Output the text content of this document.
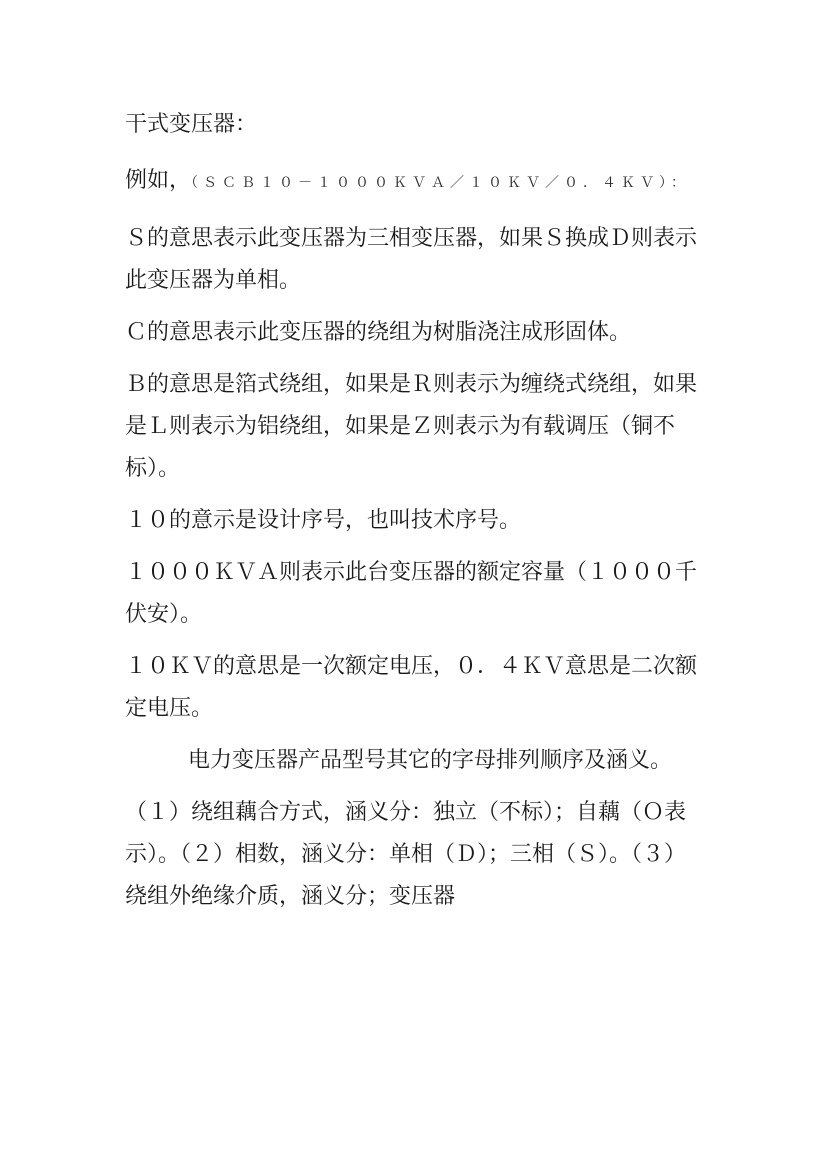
干式变压器：

例如，（ＳＣＢ１０－１０００ＫＶＡ／１０ＫＶ／０．４ＫＶ）：

Ｓ的意思表示此变压器为三相变压器，如果Ｓ换成Ｄ则表示此变压器为单相。

Ｃ的意思表示此变压器的绕组为树脂浇注成形固体。

Ｂ的意思是箔式绕组，如果是Ｒ则表示为缠绕式绕组，如果是Ｌ则表示为铝绕组，如果是Ｚ则表示为有载调压（铜不标）。

１０的意示是设计序号，也叫技术序号。

１０００ＫＶＡ则表示此台变压器的额定容量（１０００千伏安）。

１０ＫＶ的意思是一次额定电压，０．４ＫＶ意思是二次额定电压。

电力变压器产品型号其它的字母排列顺序及涵义。

（１）绕组藕合方式，涵义分：独立（不标）；自藕（Ｏ表示）。（２）相数，涵义分：单相（Ｄ）；三相（Ｓ）。（３）绕组外绝缘介质，涵义分；变压器
